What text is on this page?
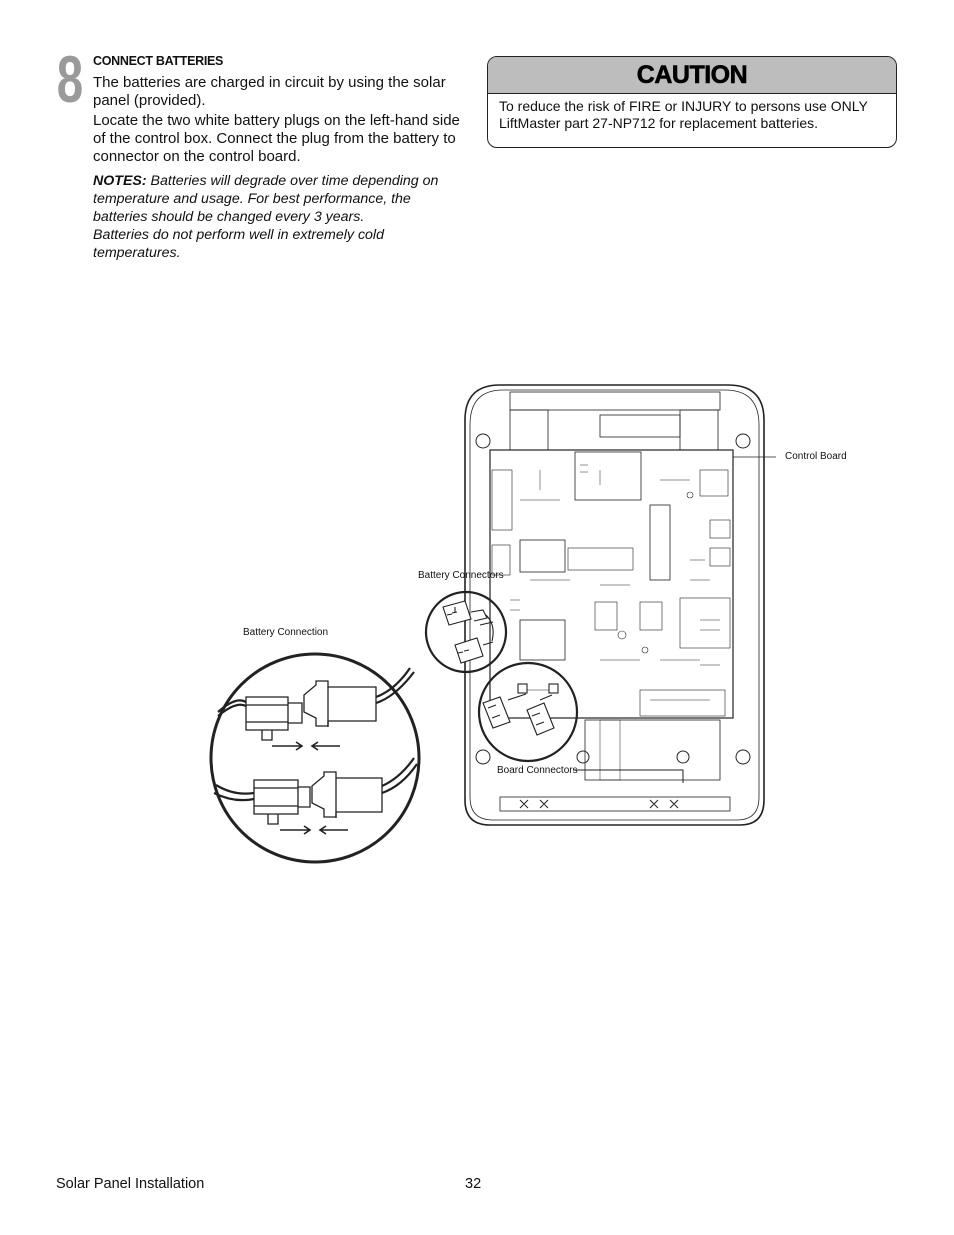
8 CONNECT BATTERIES
The batteries are charged in circuit by using the solar panel (provided).
Locate the two white battery plugs on the left-hand side of the control box. Connect the plug from the battery to connector on the control board.
NOTES: Batteries will degrade over time depending on temperature and usage. For best performance, the batteries should be changed every 3 years.
Batteries do not perform well in extremely cold temperatures.
CAUTION
To reduce the risk of FIRE or INJURY to persons use ONLY LiftMaster part 27-NP712 for replacement batteries.
Control Board
Battery Connectors
Battery Connection
Board Connectors
Solar Panel Installation	32
